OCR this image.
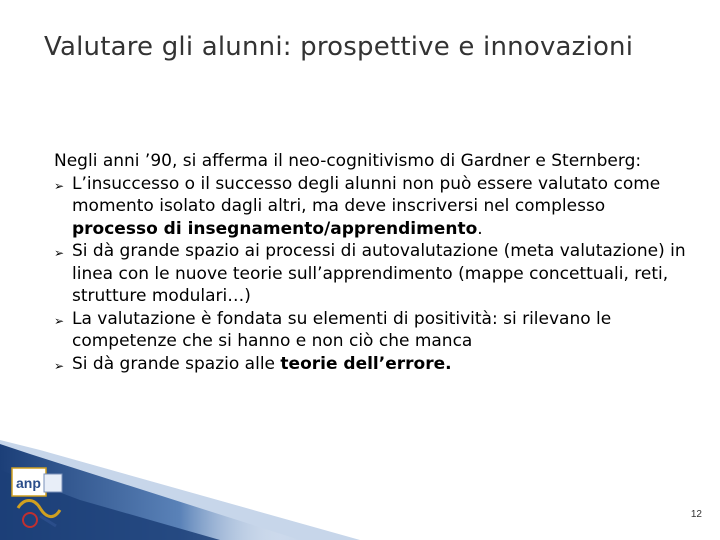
anp
Valutare gli alunni: prospettive e innovazioni

Negli anni ’90, si afferma il neo-cognitivismo di Gardner e Sternberg:

➢ L’insuccesso o il successo degli alunni non può essere valutato come momento isolato dagli altri, ma deve inscriversi nel complesso processo di insegnamento/apprendimento.
➢ Si dà grande spazio ai processi di autovalutazione (meta valutazione) in linea con le nuove teorie sull’apprendimento (mappe concettuali, reti, strutture modulari…)
➢ La valutazione è fondata su elementi di positività: si rilevano le competenze che si hanno e non ciò che manca
➢ Si dà grande spazio alle teorie dell’errore.
12
